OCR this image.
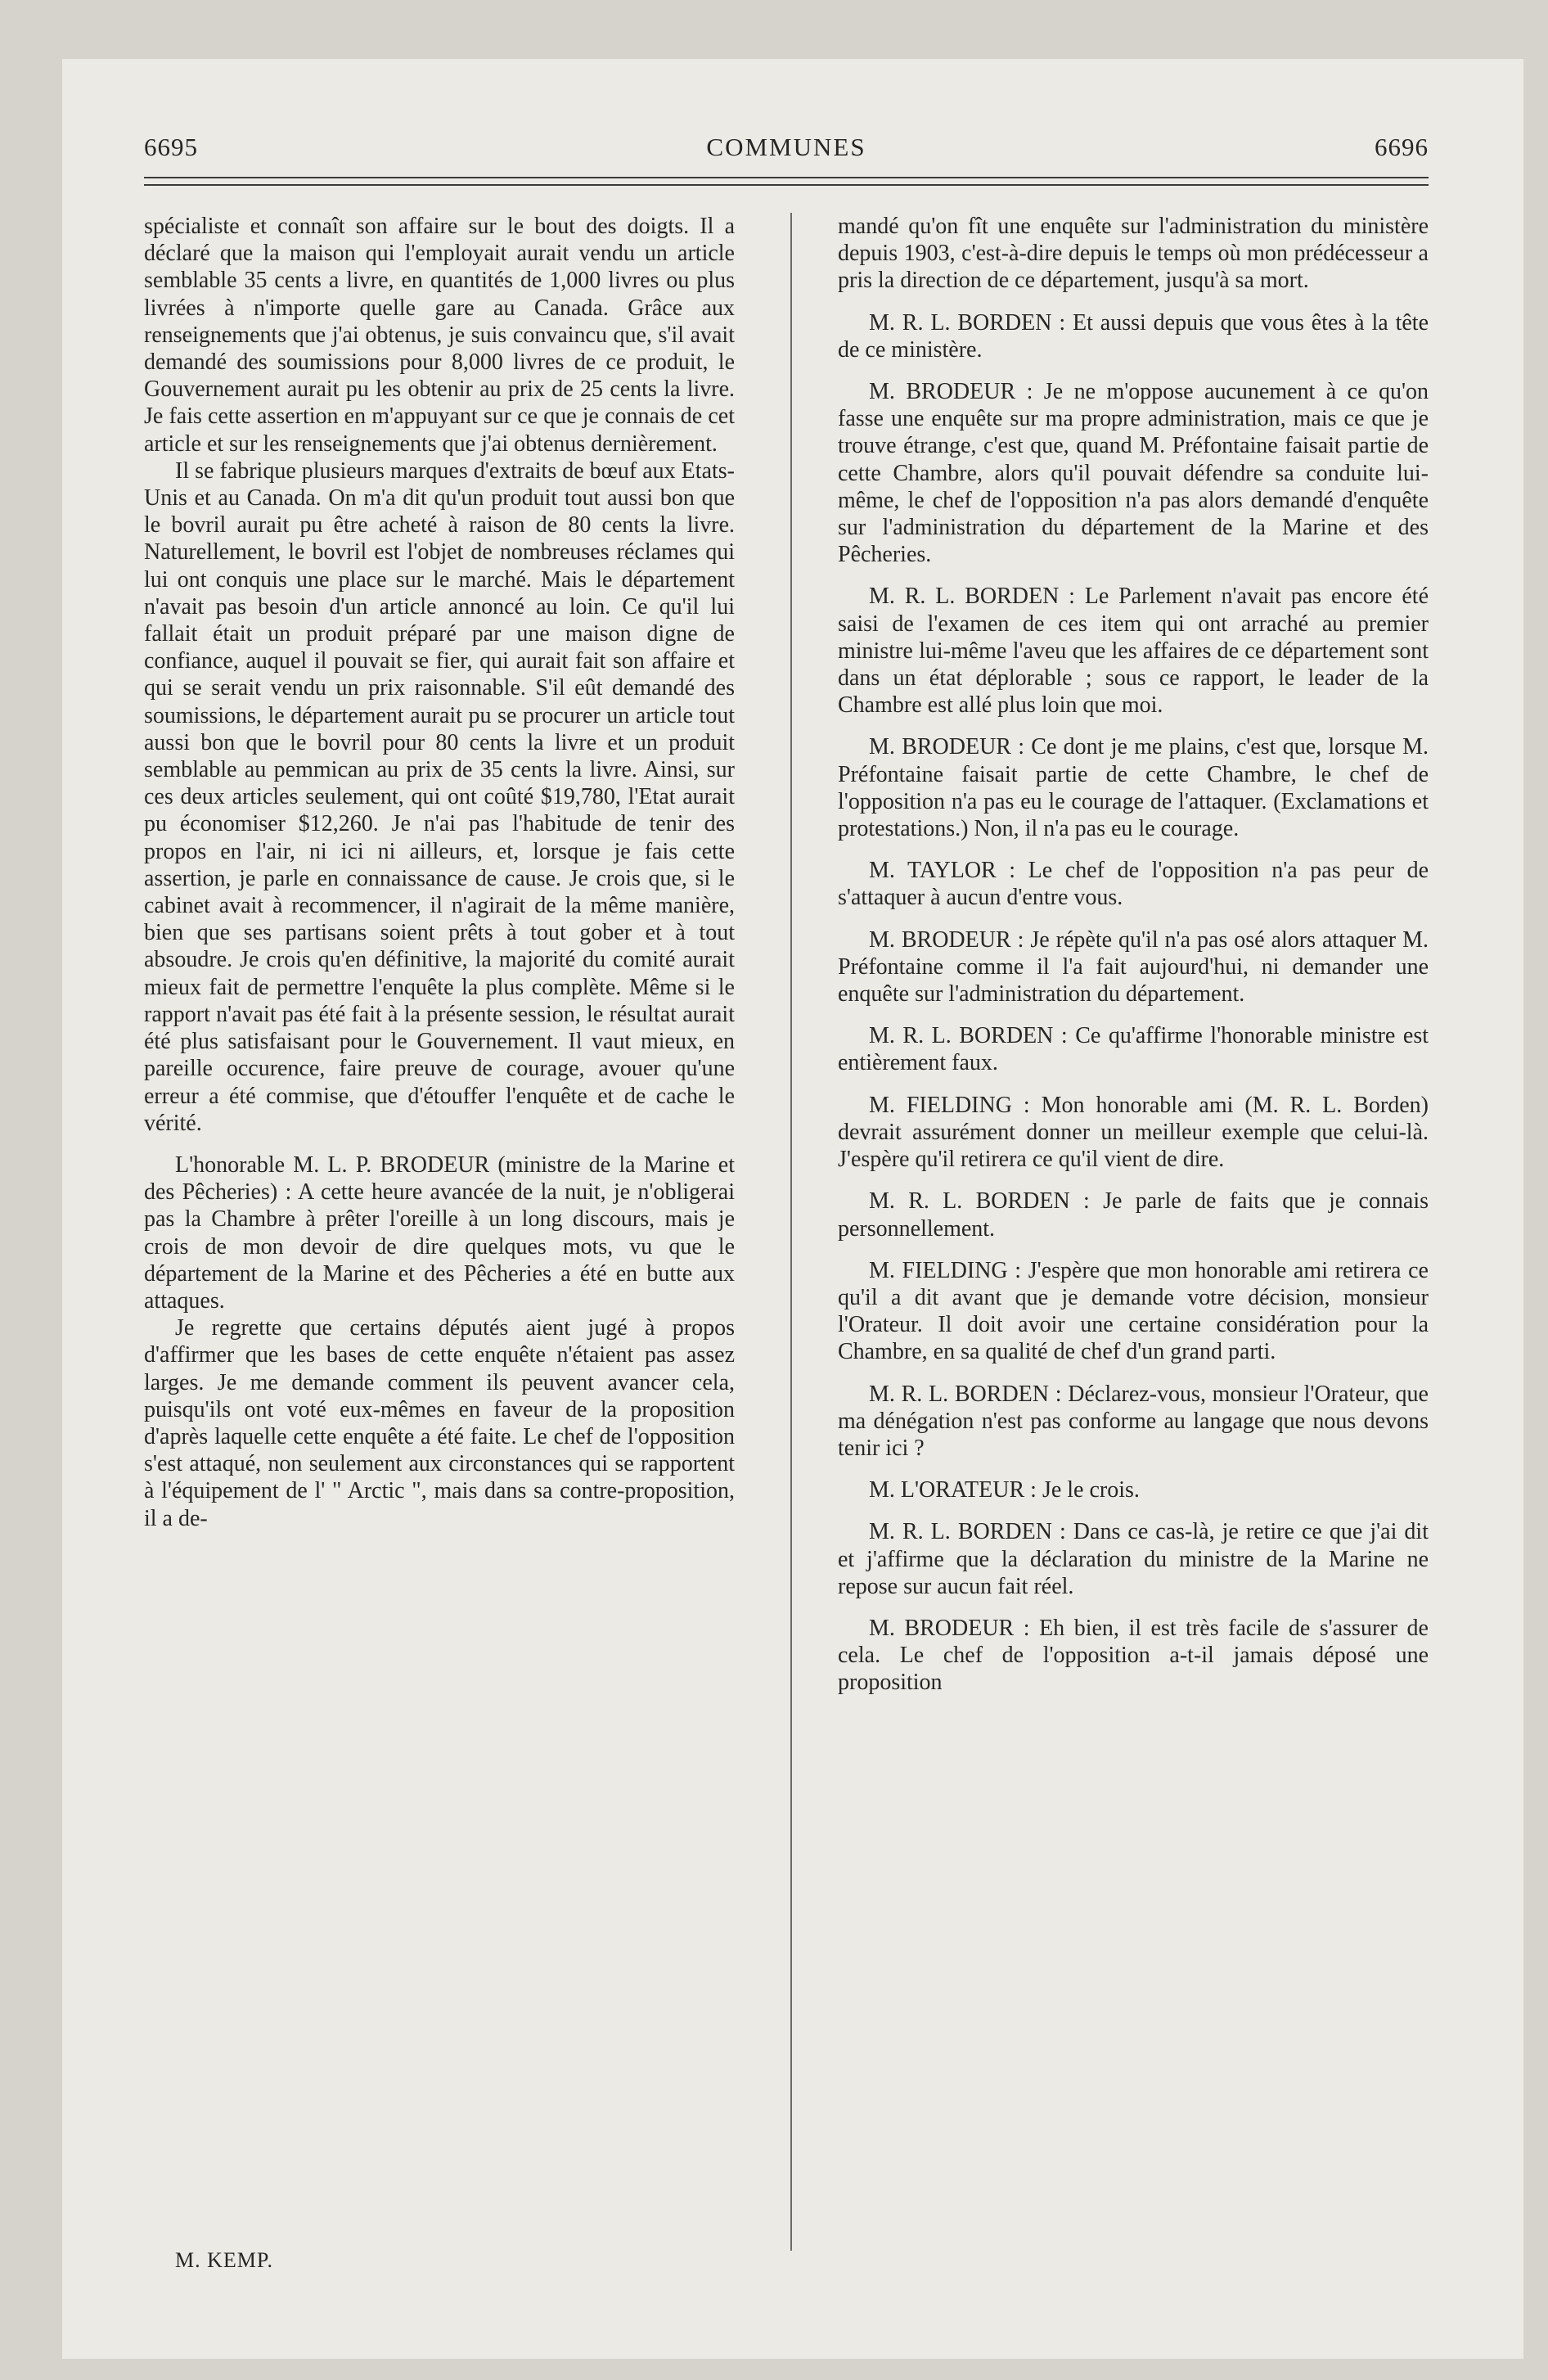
COMMUNES
6695	6696

spécialiste et connaît son affaire sur le bout des doigts. Il a déclaré que la maison qui l'employait aurait vendu un article semblable 35 cents a livre, en quantités de 1,000 livres ou plus livrées à n'importe quelle gare au Canada. Grâce aux renseignements que j'ai obtenus, je suis convaincu que, s'il avait demandé des soumissions pour 8,000 livres de ce produit, le Gouvernement aurait pu les obtenir au prix de 25 cents la livre. Je fais cette assertion en m'appuyant sur ce que je connais de cet article et sur les renseignements que j'ai obtenus dernièrement.

Il se fabrique plusieurs marques d'extraits de bœuf aux Etats-Unis et au Canada. On m'a dit qu'un produit tout aussi bon que le bovril aurait pu être acheté à raison de 80 cents la livre. Naturellement, le bovril est l'objet de nombreuses réclames qui lui ont conquis une place sur le marché. Mais le département n'avait pas besoin d'un article annoncé au loin. Ce qu'il lui fallait était un produit préparé par une maison digne de confiance, auquel il pouvait se fier, qui aurait fait son affaire et qui se serait vendu un prix raisonnable. S'il eût demandé des soumissions, le département aurait pu se procurer un article tout aussi bon que le bovril pour 80 cents la livre et un produit semblable au pemmican au prix de 35 cents la livre. Ainsi, sur ces deux articles seulement, qui ont coûté $19,780, l'Etat aurait pu économiser $12,260. Je n'ai pas l'habitude de tenir des propos en l'air, ni ici ni ailleurs, et, lorsque je fais cette assertion, je parle en connaissance de cause. Je crois que, si le cabinet avait à recommencer, il n'agirait de la même manière, bien que ses partisans soient prêts à tout gober et à tout absoudre. Je crois qu'en définitive, la majorité du comité aurait mieux fait de permettre l'enquête la plus complète. Même si le rapport n'avait pas été fait à la présente session, le résultat aurait été plus satisfaisant pour le Gouvernement. Il vaut mieux, en pareille occurence, faire preuve de courage, avouer qu'une erreur a été commise, que d'étouffer l'enquête et de cache le vérité.

L'honorable M. L. P. BRODEUR (ministre de la Marine et des Pêcheries) : A cette heure avancée de la nuit, je n'obligerai pas la Chambre à prêter l'oreille à un long discours, mais je crois de mon devoir de dire quelques mots, vu que le département de la Marine et des Pêcheries a été en butte aux attaques.

Je regrette que certains députés aient jugé à propos d'affirmer que les bases de cette enquête n'étaient pas assez larges. Je me demande comment ils peuvent avancer cela, puisqu'ils ont voté eux-mêmes en faveur de la proposition d'après laquelle cette enquête a été faite. Le chef de l'opposition s'est attaqué, non seulement aux circonstances qui se rapportent à l'équipement de l' " Arctic ", mais dans sa contre-proposition, il a de-

mandé qu'on fît une enquête sur l'administration du ministère depuis 1903, c'est-à-dire depuis le temps où mon prédécesseur a pris la direction de ce département, jusqu'à sa mort.

M. R. L. BORDEN : Et aussi depuis que vous êtes à la tête de ce ministère.

M. BRODEUR : Je ne m'oppose aucunement à ce qu'on fasse une enquête sur ma propre administration, mais ce que je trouve étrange, c'est que, quand M. Préfontaine faisait partie de cette Chambre, alors qu'il pouvait défendre sa conduite lui-même, le chef de l'opposition n'a pas alors demandé d'enquête sur l'administration du département de la Marine et des Pêcheries.

M. R. L. BORDEN : Le Parlement n'avait pas encore été saisi de l'examen de ces item qui ont arraché au premier ministre lui-même l'aveu que les affaires de ce département sont dans un état déplorable ; sous ce rapport, le leader de la Chambre est allé plus loin que moi.

M. BRODEUR : Ce dont je me plains, c'est que, lorsque M. Préfontaine faisait partie de cette Chambre, le chef de l'opposition n'a pas eu le courage de l'attaquer. (Exclamations et protestations.) Non, il n'a pas eu le courage.

M. TAYLOR : Le chef de l'opposition n'a pas peur de s'attaquer à aucun d'entre vous.

M. BRODEUR : Je répète qu'il n'a pas osé alors attaquer M. Préfontaine comme il l'a fait aujourd'hui, ni demander une enquête sur l'administration du département.

M. R. L. BORDEN : Ce qu'affirme l'honorable ministre est entièrement faux.

M. FIELDING : Mon honorable ami (M. R. L. Borden) devrait assurément donner un meilleur exemple que celui-là. J'espère qu'il retirera ce qu'il vient de dire.

M. R. L. BORDEN : Je parle de faits que je connais personnellement.

M. FIELDING : J'espère que mon honorable ami retirera ce qu'il a dit avant que je demande votre décision, monsieur l'Orateur. Il doit avoir une certaine considération pour la Chambre, en sa qualité de chef d'un grand parti.

M. R. L. BORDEN : Déclarez-vous, monsieur l'Orateur, que ma dénégation n'est pas conforme au langage que nous devons tenir ici ?

M. L'ORATEUR : Je le crois.

M. R. L. BORDEN : Dans ce cas-là, je retire ce que j'ai dit et j'affirme que la déclaration du ministre de la Marine ne repose sur aucun fait réel.

M. BRODEUR : Eh bien, il est très facile de s'assurer de cela. Le chef de l'opposition a-t-il jamais déposé une proposition

M. KEMP.
